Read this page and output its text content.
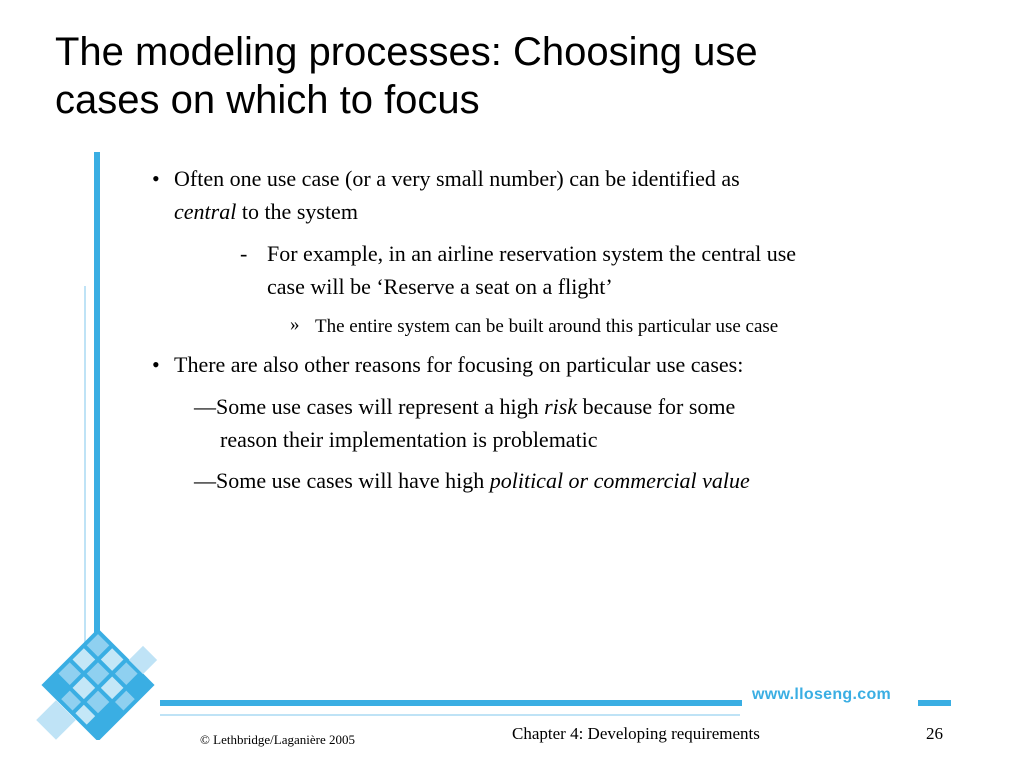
The modeling processes: Choosing use
cases on which to focus
www.lloseng.com
• Often one use case (or a very small number) can be identified as
central to the system
- For example, in an airline reservation system the central use
case will be ‘Reserve a seat on a flight’
» The entire system can be built around this particular use case
• There are also other reasons for focusing on particular use cases:
—Some use cases will represent a high risk because for some
reason their implementation is problematic
—Some use cases will have high political or commercial value
© Lethbridge/Laganière 2005	Chapter 4: Developing requirements	26
